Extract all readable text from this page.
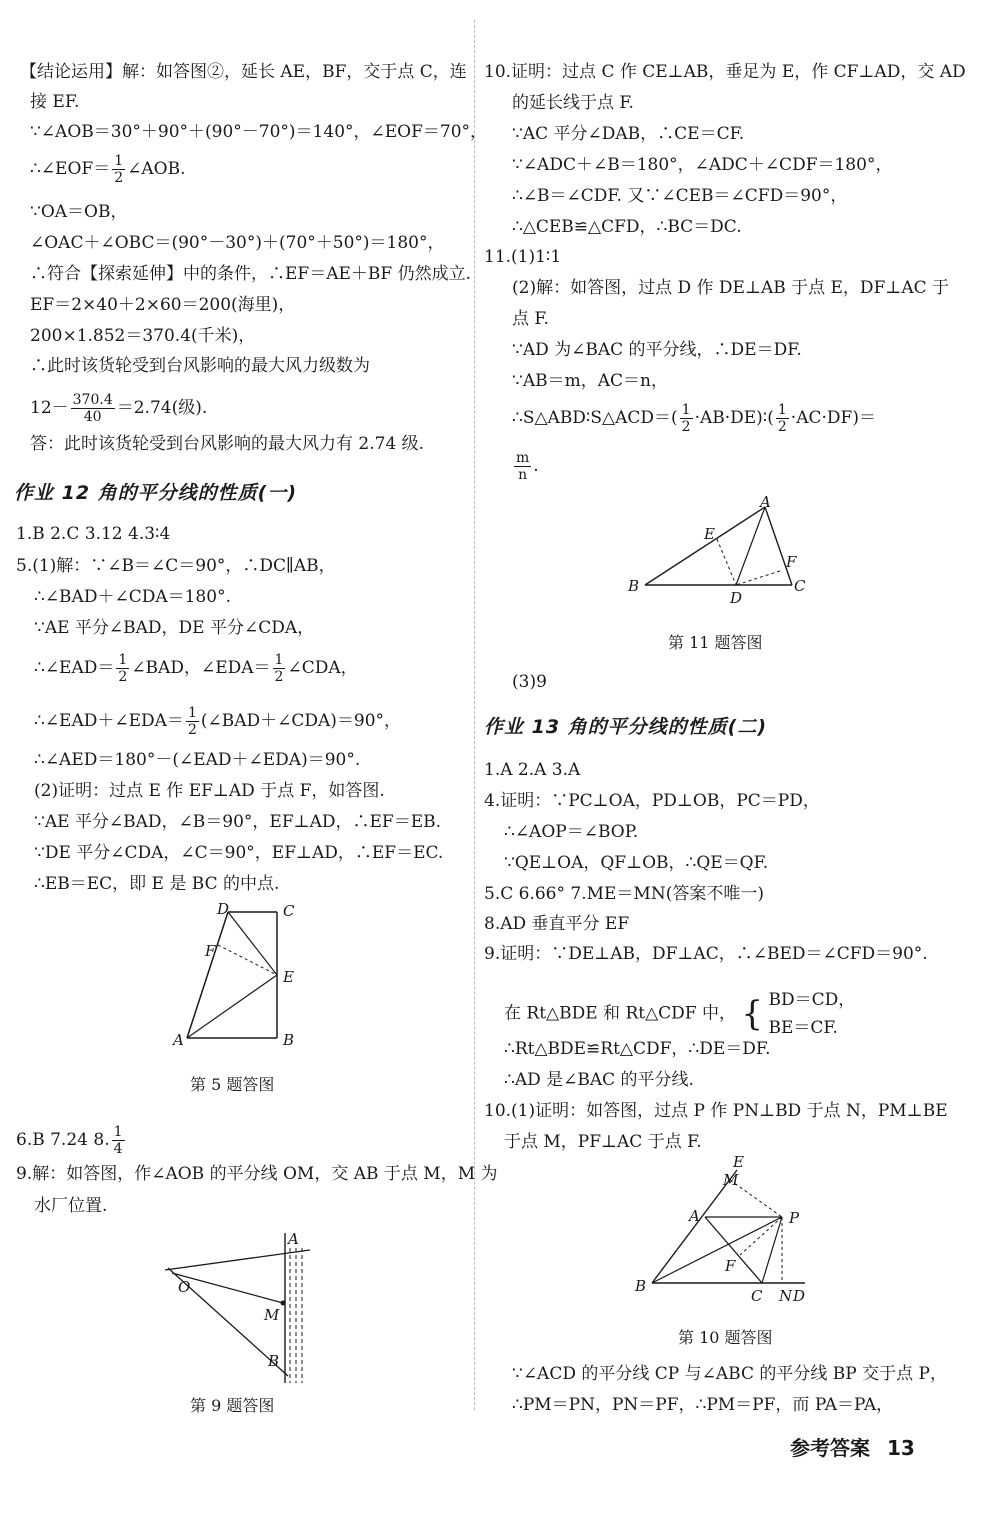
【结论运用】解：如答图②，延长 AE，BF，交于点 C，连
接 EF.
∵∠AOB＝30°＋90°＋(90°－70°)＝140°，∠EOF＝70°，
∴∠EOF＝ $\frac{1}{2}$ ∠AOB.
∵OA＝OB，
∠OAC＋∠OBC＝(90°－30°)＋(70°＋50°)＝180°，
∴符合【探索延伸】中的条件，∴EF＝AE＋BF 仍然成立.
EF＝2×40＋2×60＝200(海里)，
200×1.852＝370.4(千米)，
∴此时该货轮受到台风影响的最大风力级数为
$12- \frac{370.4}{40} =2.74$(级).
答：此时该货轮受到台风影响的最大风力有 2.74 级.
作业 12 角的平分线的性质(一)
1.B 2.C 3.12 4.3∶4
5.(1)解：∵∠B＝∠C＝90°，∴DC∥AB，
∴∠BAD＋∠CDA＝180°.
∵AE 平分∠BAD，DE 平分∠CDA，
∴∠EAD＝ $\frac{1}{2}$ ∠BAD，∠EDA＝ $\frac{1}{2}$ ∠CDA，
∴∠EAD＋∠EDA＝ $\frac{1}{2}$ (∠BAD＋∠CDA)＝90°，
∴∠AED＝180°－(∠EAD＋∠EDA)＝90°.
(2)证明：过点 E 作 EF⊥AD 于点 F，如答图.
∵AE 平分∠BAD，∠B＝90°，EF⊥AD，∴EF＝EB.
∵DE 平分∠CDA，∠C＝90°，EF⊥AD，∴EF＝EC.
∴EB＝EC，即 E 是 BC 的中点.
D	C
F
E
A	B
第 5 题答图
6.B 7.24 8. $\frac{1}{4}$
9.解：如答图，作∠AOB 的平分线 OM，交 AB 于点 M，M 为
水厂位置.
A
O
M
B
第 9 题答图
10.证明：过点 C 作 CE⊥AB，垂足为 E，作 CF⊥AD，交 AD
的延长线于点 F.
∵AC 平分∠DAB，∴CE＝CF.
∵∠ADC＋∠B＝180°，∠ADC＋∠CDF＝180°，
∴∠B＝∠CDF. 又∵∠CEB＝∠CFD＝90°，
∴△CEB≌△CFD，∴BC＝DC.
11.(1)1∶1
(2)解：如答图，过点 D 作 DE⊥AB 于点 E，DF⊥AC 于
点 F.
∵AD 为∠BAC 的平分线，∴DE＝DF.
∵AB＝m，AC＝n，
∴S△ABD∶S△ACD＝( $\frac{1}{2}$ ·AB·DE)∶( $\frac{1}{2} \cdot AC\cdot DF)=$
$\frac{m}{n}$ .
A
E
F
B
D
C
第 11 题答图
(3)9
作业 13 角的平分线的性质(二)
1.A 2.A 3.A
4.证明：∵PC⊥OA，PD⊥OB，PC＝PD，
∴∠AOP＝∠BOP.
∵QE⊥OA，QF⊥OB，∴QE＝QF.
5.C 6.66° 7.ME＝MN(答案不唯一)
8.AD 垂直平分 EF
9.证明：∵DE⊥AB，DF⊥AC，∴∠BED＝∠CFD＝90°.
在 Rt△BDE 和 Rt△CDF 中， { BD＝CD，
BE＝CF.
∴Rt△BDE≌Rt△CDF，∴DE＝DF.
∴AD 是∠BAC 的平分线.
10.(1)证明：如答图，过点 P 作 PN⊥BD 于点 N，PM⊥BE
于点 M，PF⊥AC 于点 F.
E
M
A	P
F
B
C N D
第 10 题答图
∵∠ACD 的平分线 CP 与∠ABC 的平分线 BP 交于点 P，
∴PM＝PN，PN＝PF，∴PM＝PF，而 PA＝PA，
参考答案 13
